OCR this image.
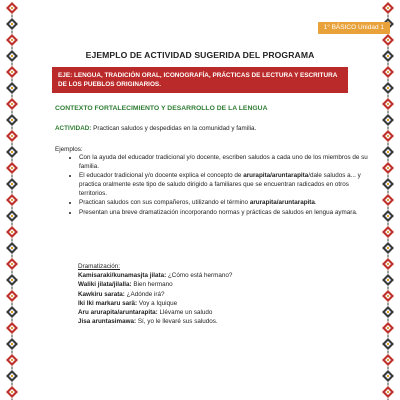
1° BÁSICO Unidad 1
EJEMPLO DE ACTIVIDAD SUGERIDA DEL PROGRAMA
EJE: LENGUA, TRADICIÓN ORAL, ICONOGRAFÍA, PRÁCTICAS DE LECTURA Y ESCRITURA DE LOS PUEBLOS ORIGINARIOS.
CONTEXTO FORTALECIMIENTO Y DESARROLLO DE LA LENGUA
ACTIVIDAD: Practican saludos y despedidas en la comunidad y familia.
Ejemplos:
• Con la ayuda del educador tradicional y/o docente, escriben saludos a cada uno de los miembros de su familia.
• El educador tradicional y/o docente explica el concepto de arurapita/aruntarapita/dale saludos a... y practica oralmente este tipo de saludo dirigido a familiares que se encuentran radicados en otros territorios.
• Practican saludos con sus compañeros, utilizando el término arurapita/aruntarapita.
• Presentan una breve dramatización incorporando normas y prácticas de saludos en lengua aymara.
Dramatización:
Kamisaraki/kunamasjta jilata: ¿Cómo está hermano?
Waliki jilata/jilalla: Bien hermano
Kawkiru sarata: ¿Adónde irá?
Iki Iki markaru sarä: Voy a Iquique
Aru arurapita/aruntarapita: Llévame un saludo
Jisa aruntasimawa: Sí, yo le llevaré sus saludos.
